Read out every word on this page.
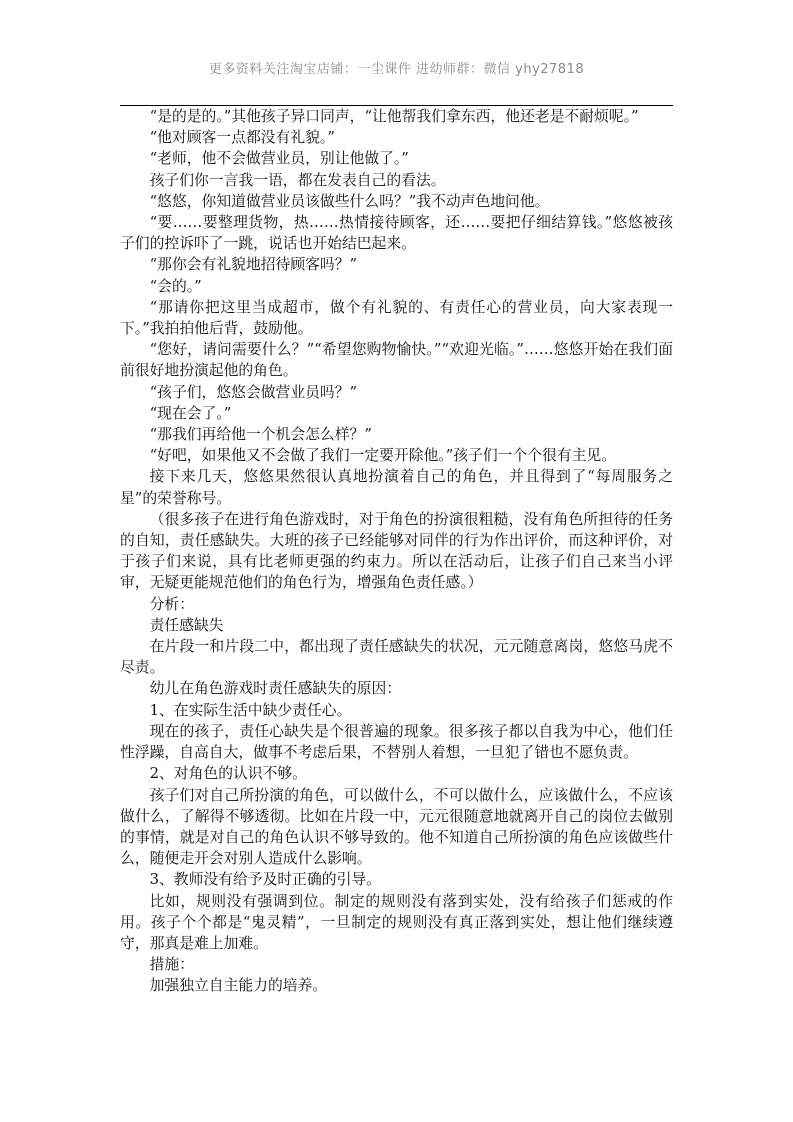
更多资料关注淘宝店铺：一尘课件 进幼师群：微信 yhy27818

“是的是的。”其他孩子异口同声，“让他帮我们拿东西，他还老是不耐烦呢。”

“他对顾客一点都没有礼貌。”

“老师，他不会做营业员，别让他做了。”

孩子们你一言我一语，都在发表自己的看法。

“悠悠，你知道做营业员该做些什么吗？”我不动声色地问他。

“要……要整理货物，热……热情接待顾客，还……要把仔细结算钱。”悠悠被孩子们的控诉吓了一跳，说话也开始结巴起来。

“那你会有礼貌地招待顾客吗？”

“会的。”

“那请你把这里当成超市，做个有礼貌的、有责任心的营业员，向大家表现一下。”我拍拍他后背，鼓励他。

“您好，请问需要什么？”“希望您购物愉快。”“欢迎光临。”……悠悠开始在我们面前很好地扮演起他的角色。

“孩子们，悠悠会做营业员吗？”

“现在会了。”

“那我们再给他一个机会怎么样？”

“好吧，如果他又不会做了我们一定要开除他。”孩子们一个个很有主见。

接下来几天，悠悠果然很认真地扮演着自己的角色，并且得到了“每周服务之星”的荣誉称号。

（很多孩子在进行角色游戏时，对于角色的扮演很粗糙，没有角色所担待的任务的自知，责任感缺失。大班的孩子已经能够对同伴的行为作出评价，而这种评价，对于孩子们来说，具有比老师更强的约束力。所以在活动后，让孩子们自己来当小评审，无疑更能规范他们的角色行为，增强角色责任感。）

分析：

责任感缺失

在片段一和片段二中，都出现了责任感缺失的状况，元元随意离岗，悠悠马虎不尽责。

幼儿在角色游戏时责任感缺失的原因：

1、在实际生活中缺少责任心。

现在的孩子，责任心缺失是个很普遍的现象。很多孩子都以自我为中心，他们任性浮躁，自高自大，做事不考虑后果，不替别人着想，一旦犯了错也不愿负责。

2、对角色的认识不够。

孩子们对自己所扮演的角色，可以做什么，不可以做什么，应该做什么，不应该做什么，了解得不够透彻。比如在片段一中，元元很随意地就离开自己的岗位去做别的事情，就是对自己的角色认识不够导致的。他不知道自己所扮演的角色应该做些什么，随便走开会对别人造成什么影响。

3、教师没有给予及时正确的引导。

比如，规则没有强调到位。制定的规则没有落到实处，没有给孩子们惩戒的作用。孩子个个都是“鬼灵精”，一旦制定的规则没有真正落到实处，想让他们继续遵守，那真是难上加难。

措施：

加强独立自主能力的培养。
